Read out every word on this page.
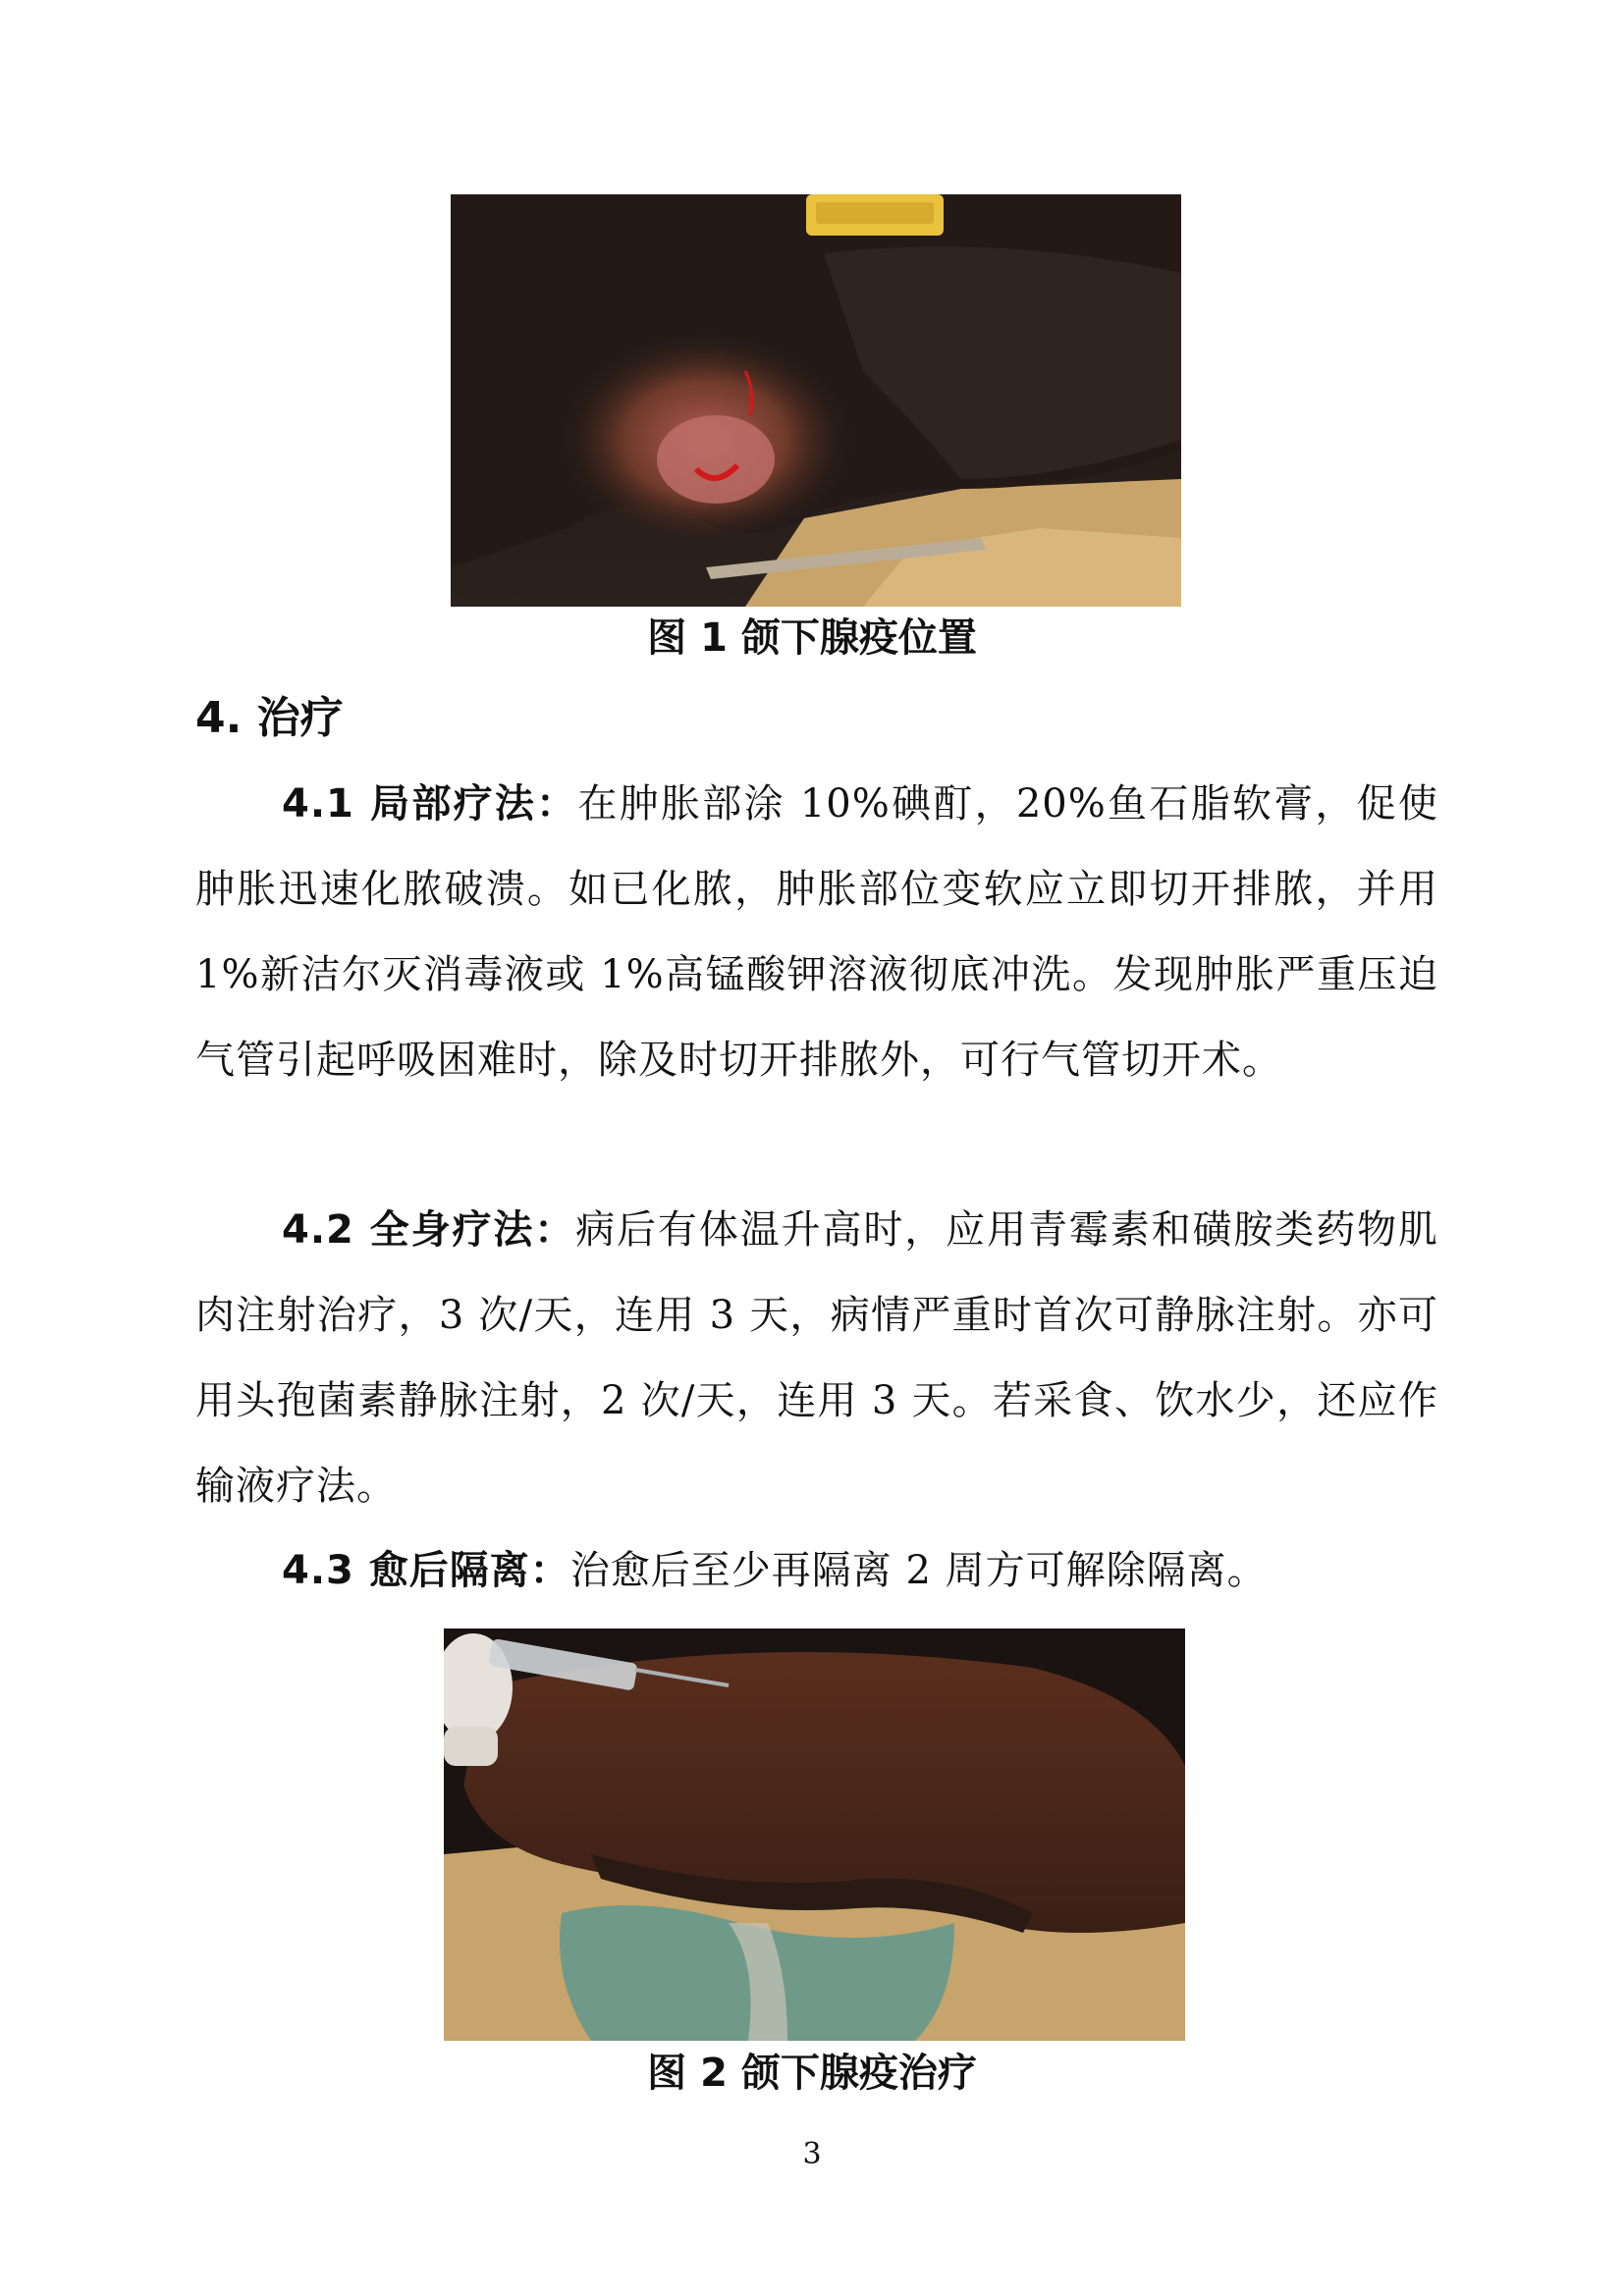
图 1 颌下腺疫位置
4. 治疗
4.1 局部疗法：在肿胀部涂 10%碘酊，20%鱼石脂软膏，促使肿胀迅速化脓破溃。如已化脓，肿胀部位变软应立即切开排脓，并用 1%新洁尔灭消毒液或 1%高锰酸钾溶液彻底冲洗。发现肿胀严重压迫气管引起呼吸困难时，除及时切开排脓外，可行气管切开术。
4.2 全身疗法：病后有体温升高时，应用青霉素和磺胺类药物肌肉注射治疗，3 次/天，连用 3 天，病情严重时首次可静脉注射。亦可用头孢菌素静脉注射，2 次/天，连用 3 天。若采食、饮水少，还应作输液疗法。
4.3 愈后隔离：治愈后至少再隔离 2 周方可解除隔离。
图 2 颌下腺疫治疗
3
